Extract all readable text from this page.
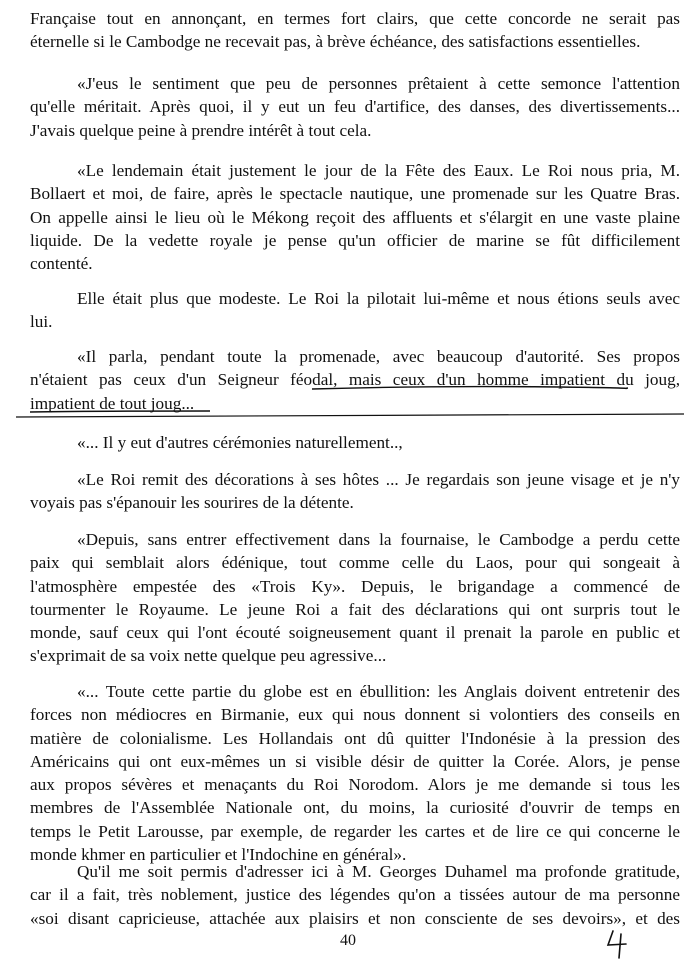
Française tout en annonçant, en termes fort clairs, que cette concorde ne serait pas
éternelle si le Cambodge ne recevait pas, à brève échéance, des satisfactions essentielles.
«J'eus le sentiment que peu de personnes prêtaient à cette semonce l'attention
qu'elle méritait. Après quoi, il y eut un feu d'artifice, des danses, des divertissements...
J'avais quelque peine à prendre intérêt à tout cela.
«Le lendemain était justement le jour de la Fête des Eaux. Le Roi nous pria, M.
Bollaert et moi, de faire, après le spectacle nautique, une promenade sur les Quatre Bras.
On appelle ainsi le lieu où le Mékong reçoit des affluents et s'élargit en une vaste plaine
liquide. De la vedette royale je pense qu'un officier de marine se fût difficilement
contenté.
Elle était plus que modeste. Le Roi la pilotait lui-même et nous étions seuls avec
lui.
«Il parla, pendant toute la promenade, avec beaucoup d'autorité. Ses propos
n'étaient pas ceux d'un Seigneur féodal, mais ceux d'un homme impatient du joug,
impatient de tout joug...
«... Il y eut d'autres cérémonies naturellement..,
«Le Roi remit des décorations à ses hôtes ... Je regardais son jeune visage et je n'y
voyais pas s'épanouir les sourires de la détente.
«Depuis, sans entrer effectivement dans la fournaise, le Cambodge a perdu cette
paix qui semblait alors édénique, tout comme celle du Laos, pour qui songeait à
l'atmosphère empestée des «Trois Ky». Depuis, le brigandage a commencé de
tourmenter le Royaume. Le jeune Roi a fait des déclarations qui ont surpris tout le
monde, sauf ceux qui l'ont écouté soigneusement quant il prenait la parole en public et
s'exprimait de sa voix nette quelque peu agressive...
«... Toute cette partie du globe est en ébullition: les Anglais doivent entretenir des
forces non médiocres en Birmanie, eux qui nous donnent si volontiers des conseils en
matière de colonialisme. Les Hollandais ont dû quitter l'Indonésie à la pression des
Américains qui ont eux-mêmes un si visible désir de quitter la Corée. Alors, je pense
aux propos sévères et menaçants du Roi Norodom. Alors je me demande si tous les
membres de l'Assemblée Nationale ont, du moins, la curiosité d'ouvrir de temps en
temps le Petit Larousse, par exemple, de regarder les cartes et de lire ce qui concerne le
monde khmer en particulier et l'Indochine en général».
Qu'il me soit permis d'adresser ici à M. Georges Duhamel ma profonde gratitude,
car il a fait, très noblement, justice des légendes qu'on a tissées autour de ma personne
«soi disant capricieuse, attachée aux plaisirs et non consciente de ses devoirs», et des
40
